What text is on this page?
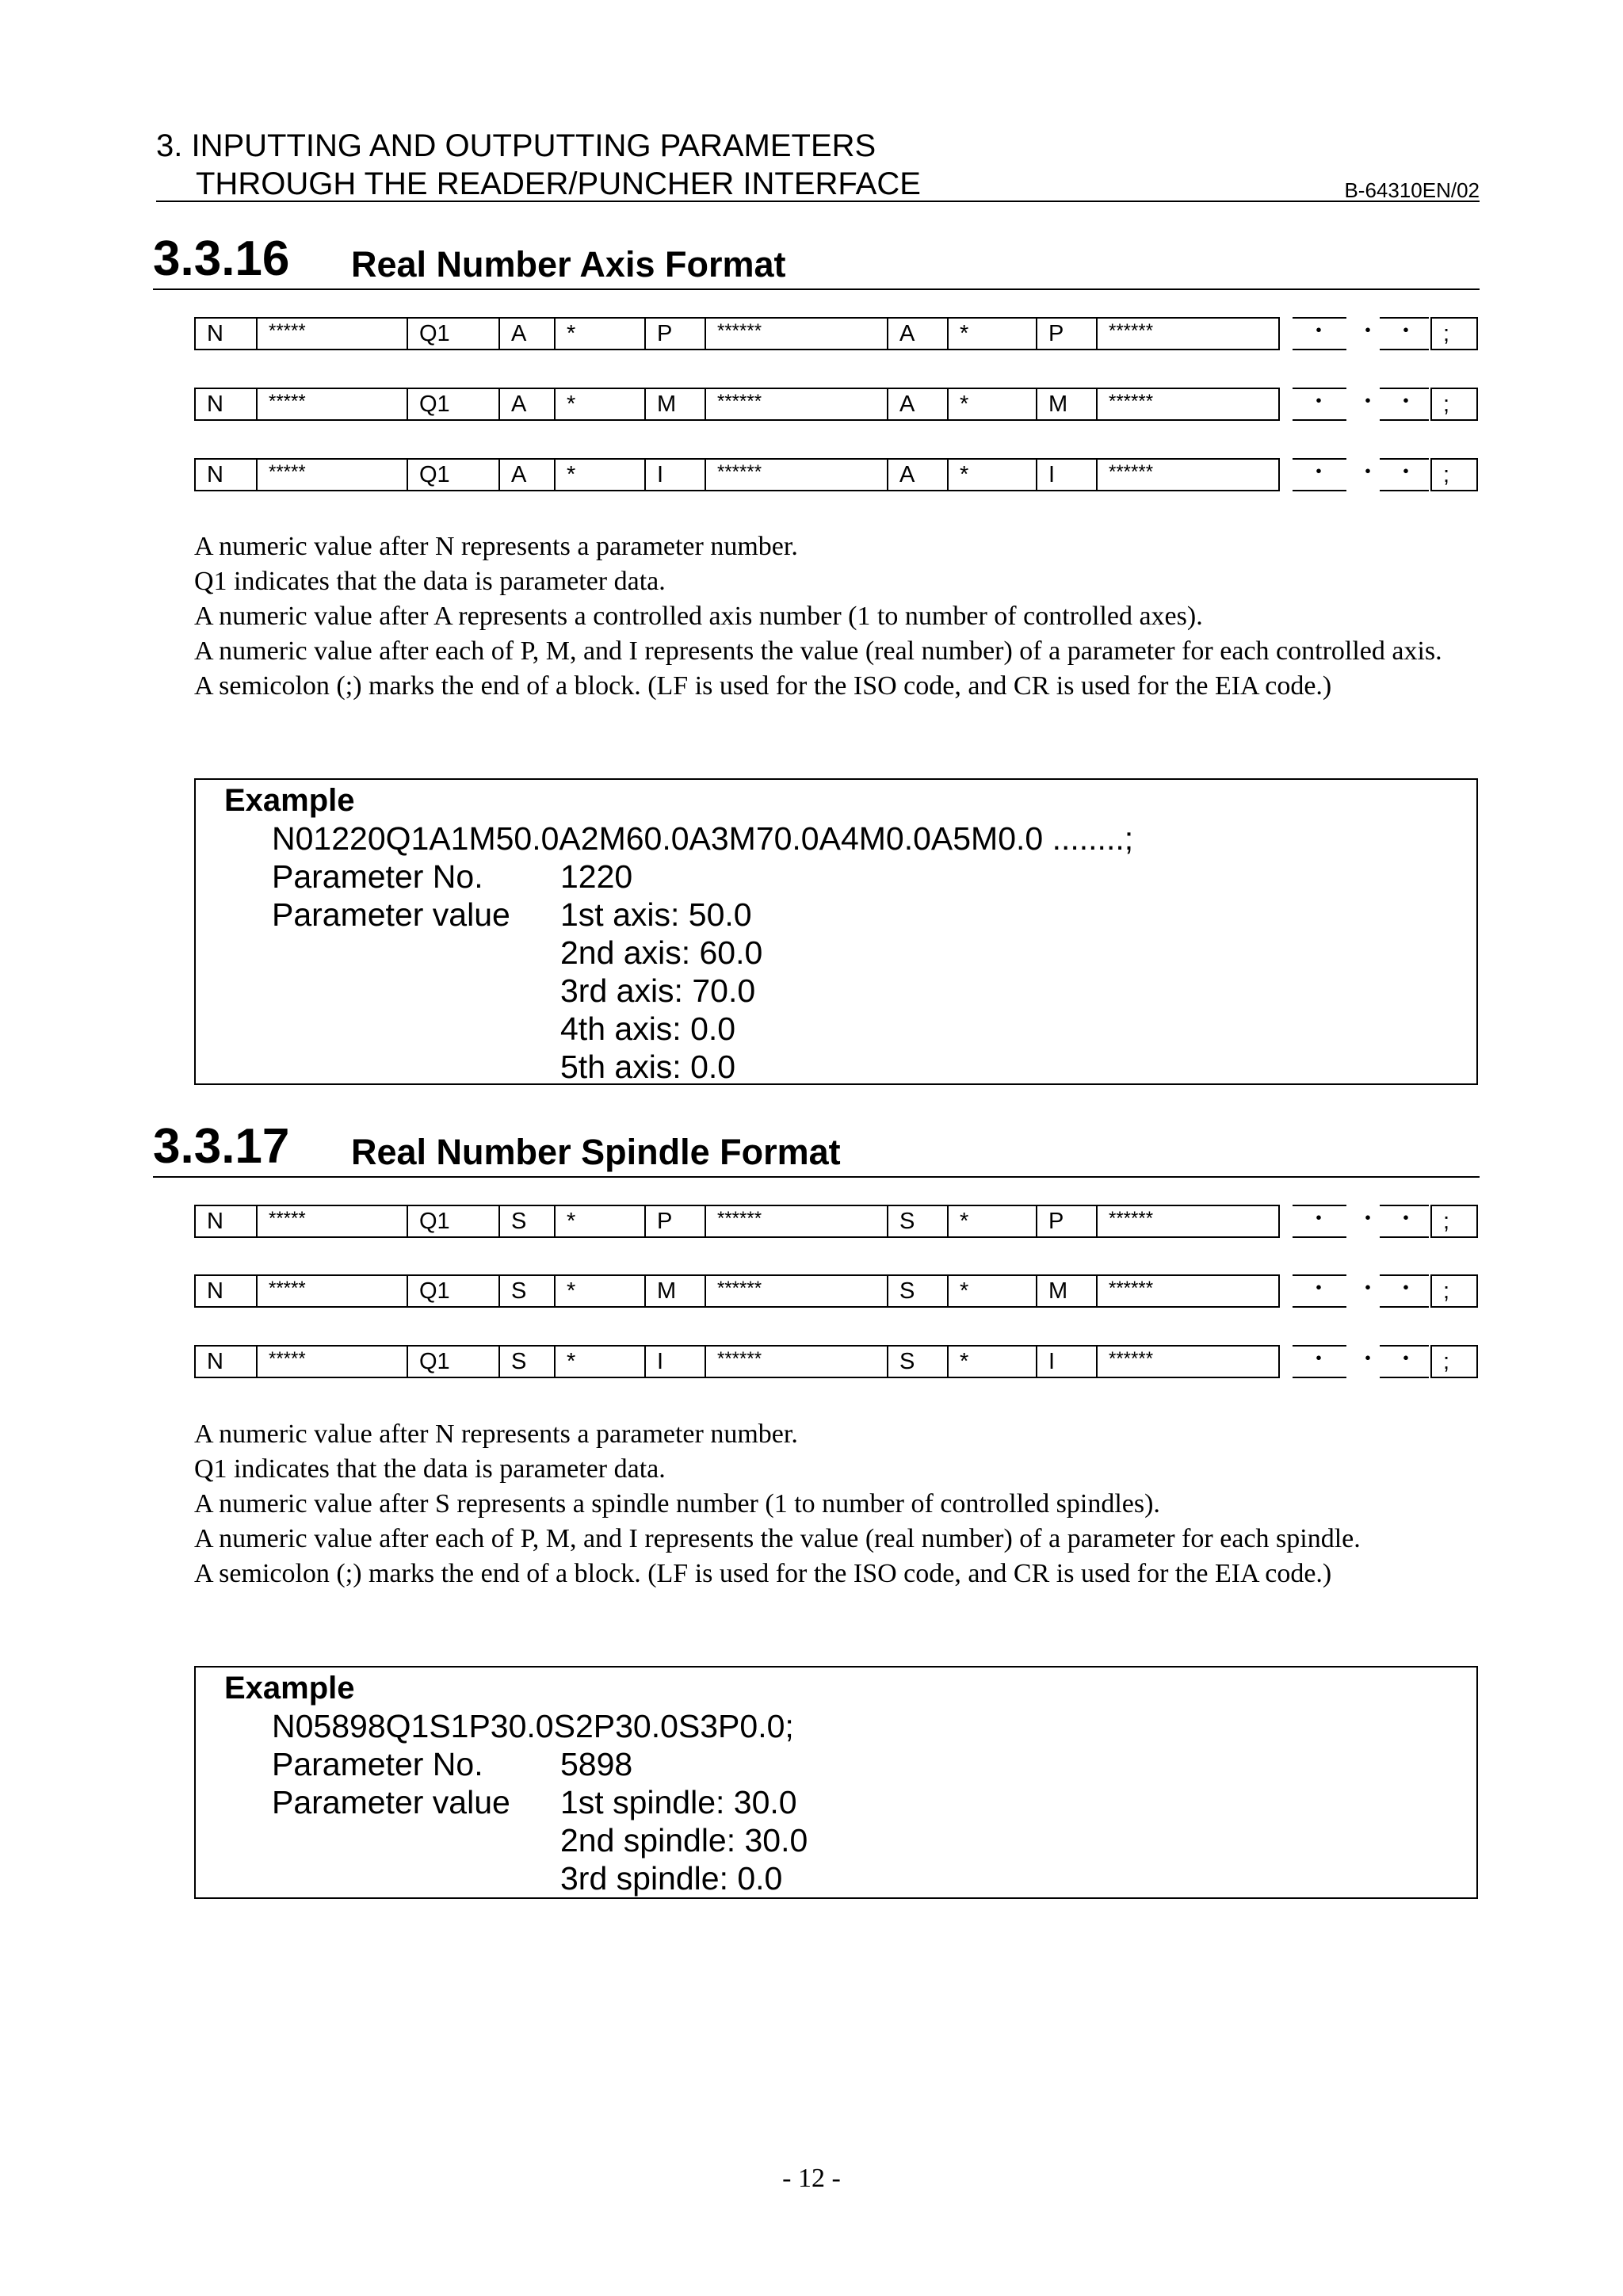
3. INPUTTING AND OUTPUTTING PARAMETERS
THROUGH THE READER/PUNCHER INTERFACE	B-64310EN/02
3.3.16 Real Number Axis Format
N	*****	Q1	A	*	P	******	A	*	P	******	・ ・ ・	;
N	*****	Q1	A	*	M	******	A	*	M	******	・ ・ ・	;
N	*****	Q1	A	*	I	******	A	*	I	******	・ ・ ・	;

A numeric value after N represents a parameter number.

Q1 indicates that the data is parameter data.

A numeric value after A represents a controlled axis number (1 to number of controlled axes).

A numeric value after each of P, M, and I represents the value (real number) of a parameter for each controlled axis.

A semicolon (;) marks the end of a block. (LF is used for the ISO code, and CR is used for the EIA code.)

Example
N01220Q1A1M50.0A2M60.0A3M70.0A4M0.0A5M0.0 ........;
Parameter No. 1220
Parameter value 1st axis: 50.0
2nd axis: 60.0
3rd axis: 70.0
4th axis: 0.0
5th axis: 0.0
3.3.17 Real Number Spindle Format
N	*****	Q1	S	*	P	******	S	*	P	******	・ ・ ・	;
N	*****	Q1	S	*	M	******	S	*	M	******	・ ・ ・	;
N	*****	Q1	S	*	I	******	S	*	I	******	・ ・ ・	;

A numeric value after N represents a parameter number.

Q1 indicates that the data is parameter data.

A numeric value after S represents a spindle number (1 to number of controlled spindles).

A numeric value after each of P, M, and I represents the value (real number) of a parameter for each spindle.

A semicolon (;) marks the end of a block. (LF is used for the ISO code, and CR is used for the EIA code.)

Example
N05898Q1S1P30.0S2P30.0S3P0.0;
Parameter No. 5898
Parameter value 1st spindle: 30.0
2nd spindle: 30.0
3rd spindle: 0.0
- 12 -
